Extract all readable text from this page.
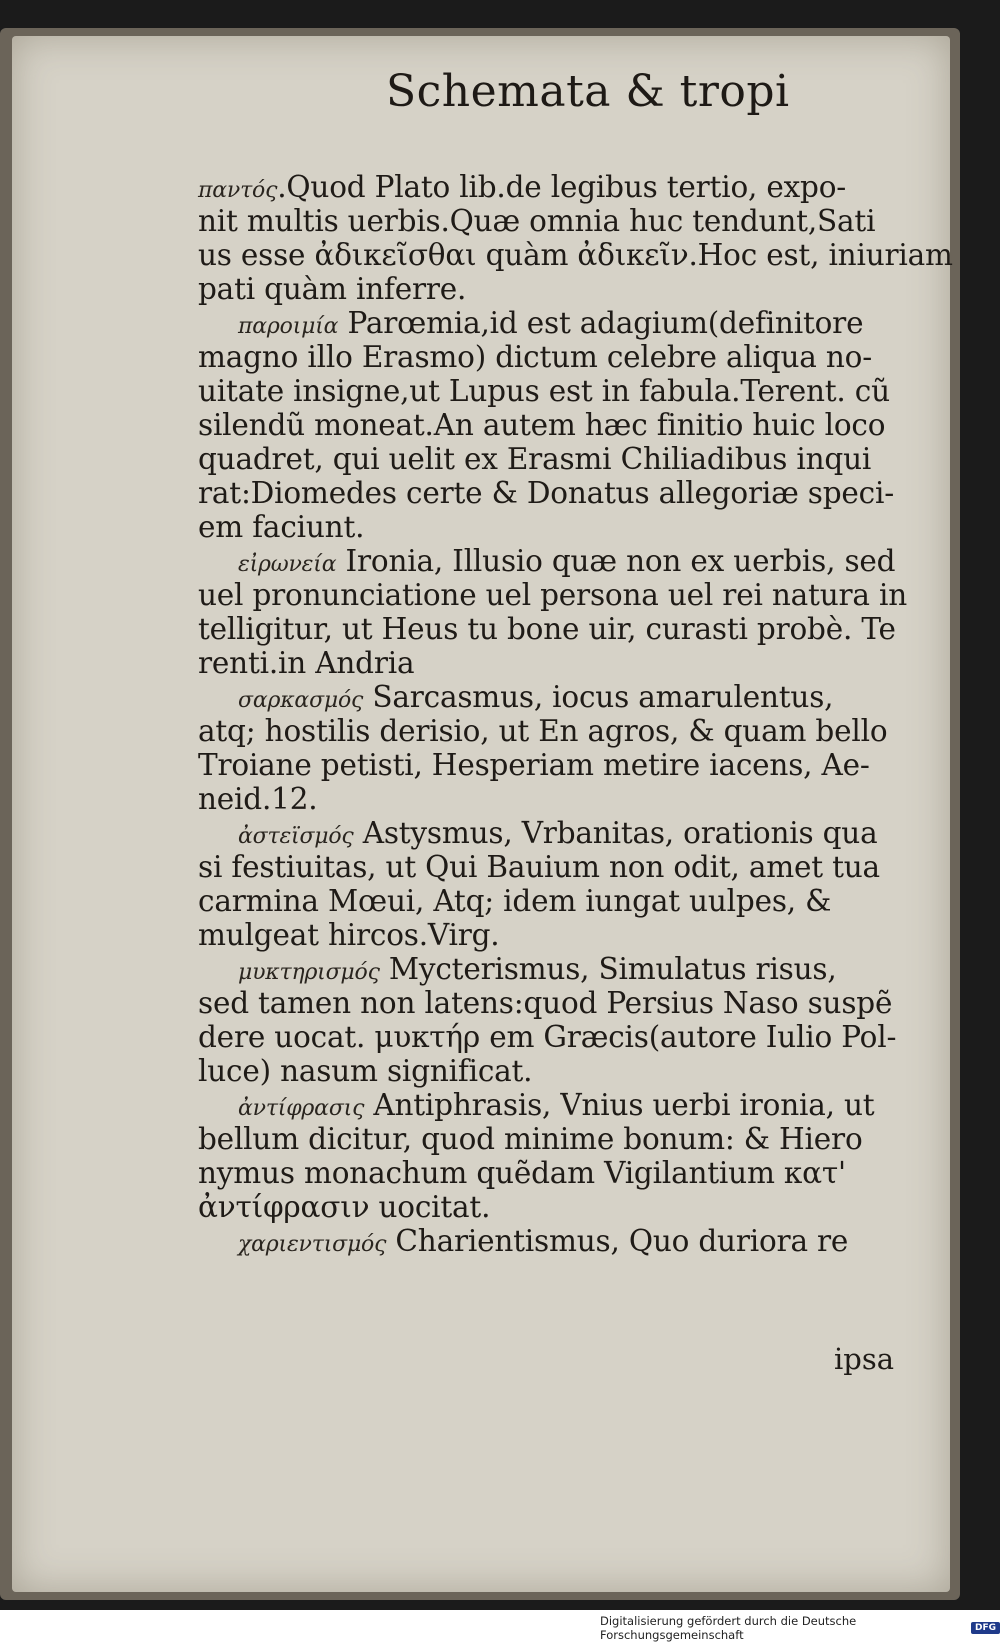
Schemata & tropi
παντός.Quod Plato lib.de legibus tertio, expo-
nit multis uerbis.Quæ omnia huc tendunt,Sati
us esse ἀδικεῖσθαι quàm ἀδικεῖν.Hoc est, iniuriam
pati quàm inferre.
παροιμία Parœmia,id est adagium(definitore
magno illo Erasmo) dictum celebre aliqua no-
uitate insigne,ut Lupus est in fabula.Terent. cũ
silendũ moneat.An autem hæc finitio huic loco
quadret, qui uelit ex Erasmi Chiliadibus inqui
rat:Diomedes certe & Donatus allegoriæ speci-
em faciunt.
εἰρωνεία Ironia, Illusio quæ non ex uerbis, sed
uel pronunciatione uel persona uel rei natura in
telligitur, ut Heus tu bone uir, curasti probè. Te
renti.in Andria
σαρκασμός Sarcasmus, iocus amarulentus,
atq; hostilis derisio, ut En agros, & quam bello
Troiane petisti, Hesperiam metire iacens, Ae-
neid.12.
ἀστεϊσμός Astysmus, Vrbanitas, orationis qua
si festiuitas, ut Qui Bauium non odit, amet tua
carmina Mœui, Atq; idem iungat uulpes, &
mulgeat hircos.Virg.
μυκτηρισμός Mycterismus, Simulatus risus,
sed tamen non latens:quod Persius Naso suspẽ
dere uocat. μυκτήρ em Græcis(autore Iulio Pol-
luce) nasum significat.
ἀντίφρασις Antiphrasis, Vnius uerbi ironia, ut
bellum dicitur, quod minime bonum: & Hiero
nymus monachum quẽdam Vigilantium κατ'
ἀντίφρασιν uocitat.
χαριεντισμός Charientismus, Quo duriora re
ipsa
Digitalisierung gefördert durch die Deutsche Forschungsgemeinschaft	DFG
